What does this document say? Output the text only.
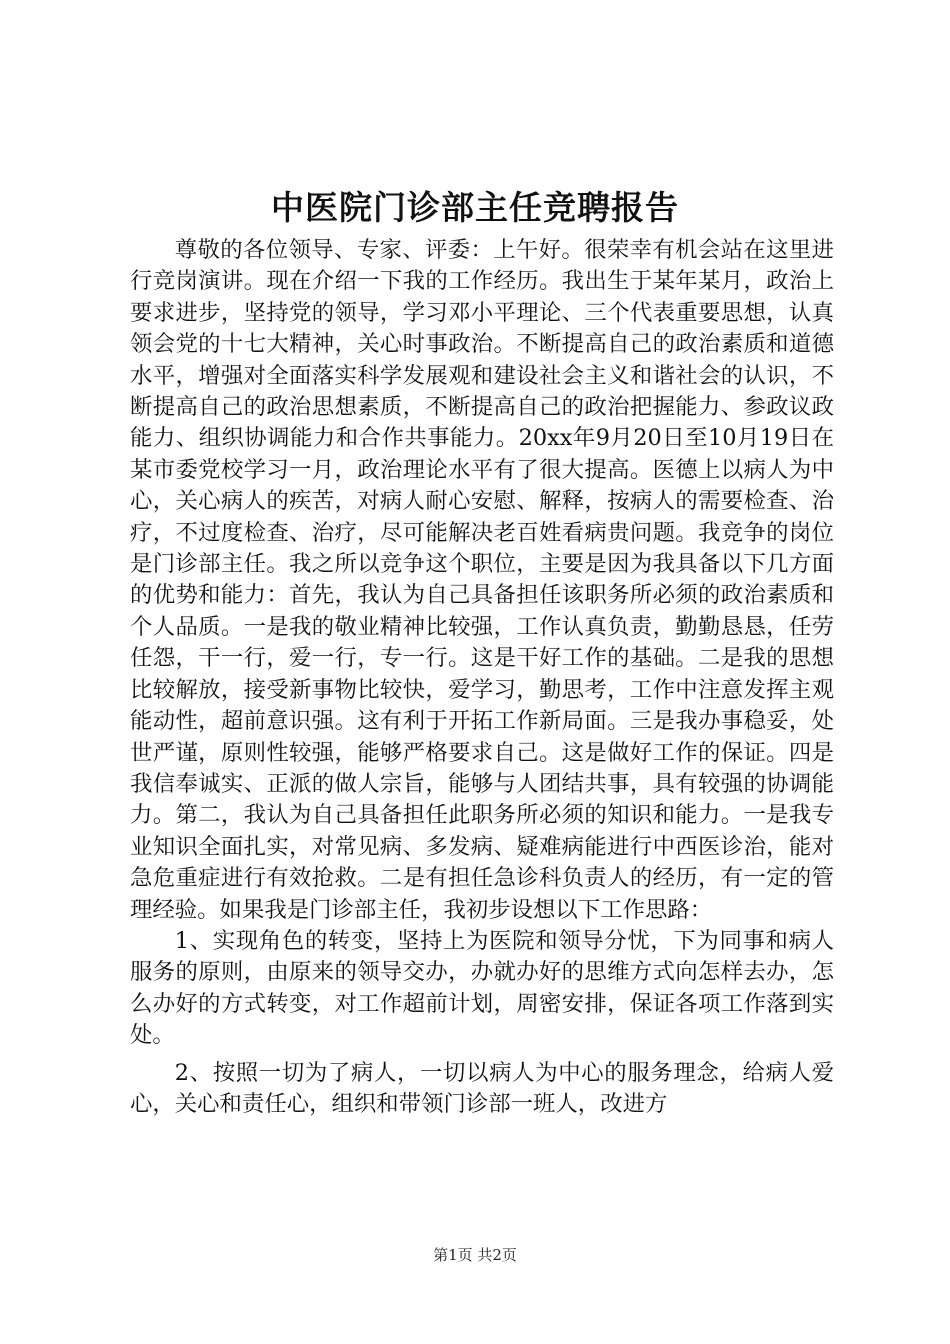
中医院门诊部主任竞聘报告

尊敬的各位领导、专家、评委：上午好。很荣幸有机会站在这里进行竞岗演讲。现在介绍一下我的工作经历。我出生于某年某月，政治上要求进步，坚持党的领导，学习邓小平理论、三个代表重要思想，认真领会党的十七大精神，关心时事政治。不断提高自己的政治素质和道德水平，增强对全面落实科学发展观和建设社会主义和谐社会的认识，不断提高自己的政治思想素质，不断提高自己的政治把握能力、参政议政能力、组织协调能力和合作共事能力。20xx年9月20日至10月19日在某市委党校学习一月，政治理论水平有了很大提高。医德上以病人为中心，关心病人的疾苦，对病人耐心安慰、解释，按病人的需要检查、治疗，不过度检查、治疗，尽可能解决老百姓看病贵问题。我竞争的岗位是门诊部主任。我之所以竞争这个职位，主要是因为我具备以下几方面的优势和能力：首先，我认为自己具备担任该职务所必须的政治素质和个人品质。一是我的敬业精神比较强，工作认真负责，勤勤恳恳，任劳任怨，干一行，爱一行，专一行。这是干好工作的基础。二是我的思想比较解放，接受新事物比较快，爱学习，勤思考，工作中注意发挥主观能动性，超前意识强。这有利于开拓工作新局面。三是我办事稳妥，处世严谨，原则性较强，能够严格要求自己。这是做好工作的保证。四是我信奉诚实、正派的做人宗旨，能够与人团结共事，具有较强的协调能力。第二，我认为自己具备担任此职务所必须的知识和能力。一是我专业知识全面扎实，对常见病、多发病、疑难病能进行中西医诊治，能对急危重症进行有效抢救。二是有担任急诊科负责人的经历，有一定的管理经验。如果我是门诊部主任，我初步设想以下工作思路：

1、实现角色的转变，坚持上为医院和领导分忧，下为同事和病人服务的原则，由原来的领导交办，办就办好的思维方式向怎样去办，怎么办好的方式转变，对工作超前计划，周密安排，保证各项工作落到实处。

2、按照一切为了病人，一切以病人为中心的服务理念，给病人爱心，关心和责任心，组织和带领门诊部一班人，改进方

第1页 共2页
